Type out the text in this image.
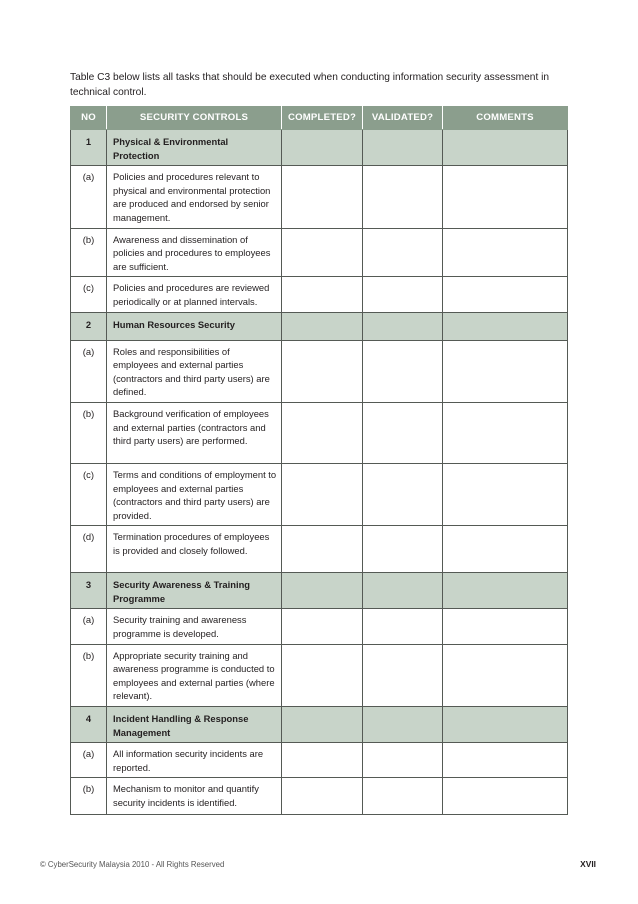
Table C3 below lists all tasks that should be executed when conducting information security assessment in technical control.
NO	SECURITY CONTROLS	COMPLETED?	VALIDATED?	COMMENTS
1	Physical & Environmental Protection			
(a)	Policies and procedures relevant to physical and environmental protection are produced and endorsed by senior management.			
(b)	Awareness and dissemination of policies and procedures to employees are sufficient.			
(c)	Policies and procedures are reviewed periodically or at planned intervals.			
2	Human Resources Security			
(a)	Roles and responsibilities of employees and external parties (contractors and third party users) are defined.			
(b)	Background verification of employees and external parties (contractors and third party users) are performed.			
(c)	Terms and conditions of employment to employees and external parties (contractors and third party users) are provided.			
(d)	Termination procedures of employees is provided and closely followed.			
3	Security Awareness & Training Programme			
(a)	Security training and awareness programme is developed.			
(b)	Appropriate security training and awareness programme is conducted to employees and external parties (where relevant).			
4	Incident Handling & Response Management			
(a)	All information security incidents are reported.			
(b)	Mechanism to monitor and quantify security incidents is identified.			
© CyberSecurity Malaysia 2010 - All Rights Reserved	XVII
